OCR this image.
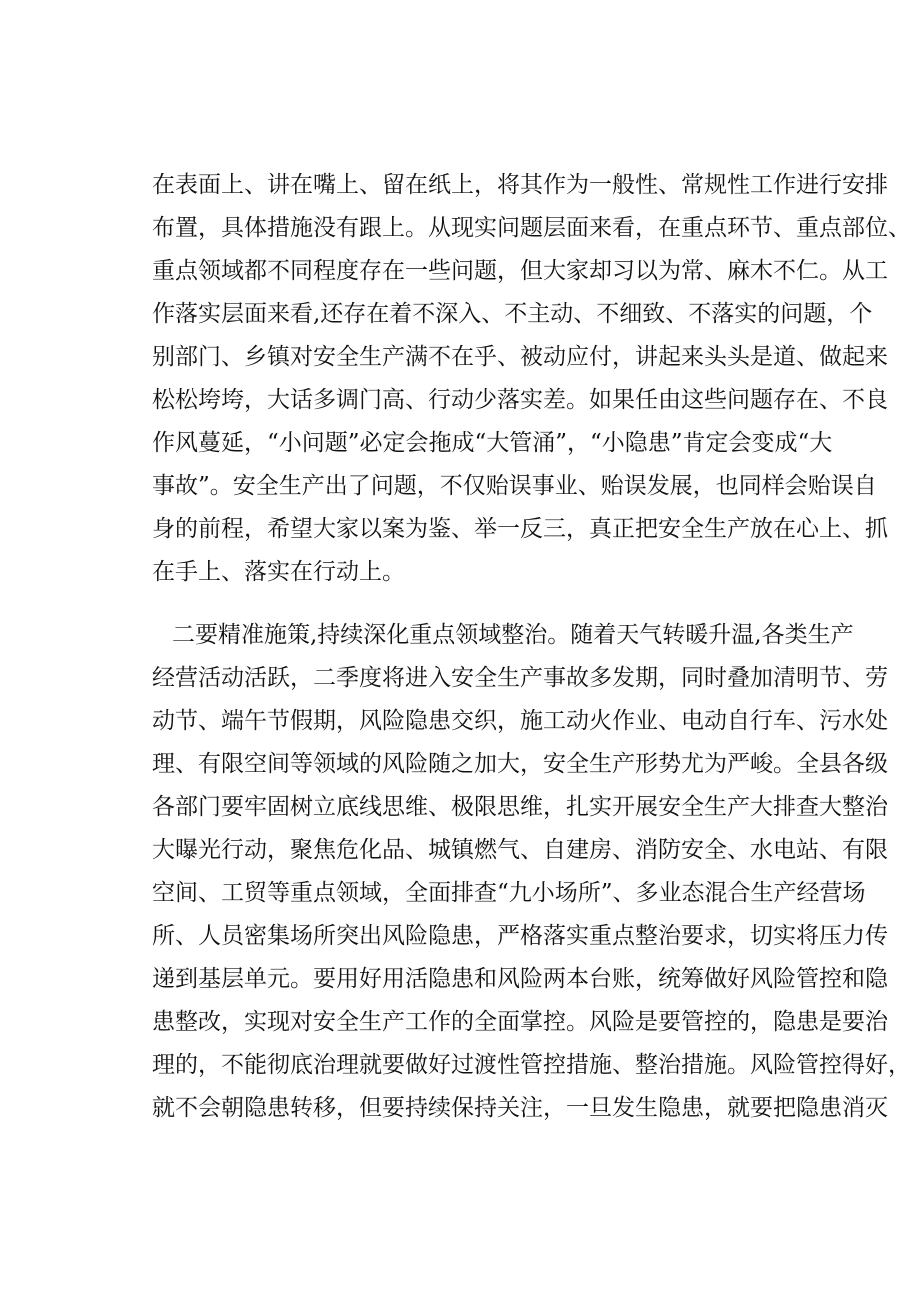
在表面上、讲在嘴上、留在纸上，将其作为一般性、常规性工作进行安排
布置，具体措施没有跟上。从现实问题层面来看，在重点环节、重点部位、
重点领域都不同程度存在一些问题，但大家却习以为常、麻木不仁。从工
作落实层面来看,还存在着不深入、不主动、不细致、不落实的问题，个
别部门、乡镇对安全生产满不在乎、被动应付，讲起来头头是道、做起来
松松垮垮，大话多调门高、行动少落实差。如果任由这些问题存在、不良
作风蔓延，“小问题”必定会拖成“大管涌”，“小隐患”肯定会变成“大
事故”。安全生产出了问题，不仅贻误事业、贻误发展，也同样会贻误自
身的前程，希望大家以案为鉴、举一反三，真正把安全生产放在心上、抓
在手上、落实在行动上。
二要精准施策,持续深化重点领域整治。随着天气转暖升温,各类生产
经营活动活跃，二季度将进入安全生产事故多发期，同时叠加清明节、劳
动节、端午节假期，风险隐患交织，施工动火作业、电动自行车、污水处
理、有限空间等领域的风险随之加大，安全生产形势尤为严峻。全县各级
各部门要牢固树立底线思维、极限思维，扎实开展安全生产大排查大整治
大曝光行动，聚焦危化品、城镇燃气、自建房、消防安全、水电站、有限
空间、工贸等重点领域，全面排查“九小场所”、多业态混合生产经营场
所、人员密集场所突出风险隐患，严格落实重点整治要求，切实将压力传
递到基层单元。要用好用活隐患和风险两本台账，统筹做好风险管控和隐
患整改，实现对安全生产工作的全面掌控。风险是要管控的，隐患是要治
理的，不能彻底治理就要做好过渡性管控措施、整治措施。风险管控得好，
就不会朝隐患转移，但要持续保持关注，一旦发生隐患，就要把隐患消灭
